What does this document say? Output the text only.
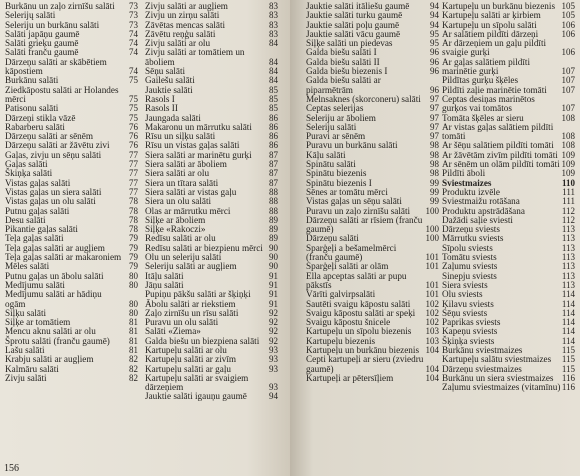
Burkānu un zaļo zirnīšu salāti 73
Selerijų salāti	73
Seleriju un burkānu salāti	73
Salāti japāņu gaumē	74
Salāti grieķu gaumē	74
Salāti franču gaumē	74
Dārzeņu salāti ar skābētiem kāpostiem	74
Burkānu salāti	75
Ziedkāpostu salāti ar Holandes mērci	75
Patisonu salāti	75
Dārzeņi stikla vāzē	75
Rabarberu salāti	76
Dārzeņu salāti ar sēnēm	76
Dārzeņu salāti ar žāvētu zivi 76
Gaļas, zivju un sēņu salāti	77
Gaļas salāti	77
Škiņķa salāti	77
Vistas gaļas salāti	77
Vistas gaļas un siera salāti	77
Vistas gaļas un olu salāti	78
Putnu gaļas salāti	78
Desu salāti	78
Pikantie gaļas salāti	78
Teļa gaļas salāti	79
Teļa gaļas salāti ar augļiem	79
Teļa gaļas salāti ar makaroniem 79
Mēles salāti	79
Putnu gaļas un ābolu salāti	80
Medījumu salāti	80
Medījumu salāti ar hādiņu ogām	80
Siļķu salāti	80
Siļķe ar tomātiem	81
Mencu aknu salāti ar olu	81
Šprotu salāti (franču gaumē) 81
Lašu salāti	81
Krabju salāti ar augļiem	82
Kalmāru salāti	82
Zivju salāti	82
Zivju salāti ar augļiem	83
Zivju un zirņu salāti	83
Zāvētas mencas salāti	83
Zāvētu reņģu salāti	83
Zivju salāti ar olu	84
Zivju salāti ar tomātiem un āboliem	84
Sēņu salāti	84
Gailešu salāti	84
Jauktie salāti	85
Rasols I	85
Rasols II	85
Jaungada salāti	86
Makaronu un mārrutku salāti 86
Rīsu un siļķu salāti	86
Rīsu un vistas gaļas salāti	86
Siera salāti ar marinētu gurķi 87
Siera salāti ar āboliem	87
Siera salāti ar olu	87
Siera un tītara salāti	87
Siera salāti ar vistas gaļu	88
Siera un olu salāti	88
Olas ar mārrutku mērci	88
Siļķe ar āboliem	89
Siļķe «Rakoczi»	89
Redīsu salāti ar olu	89
Redīsu salāti ar biezpienu mērci 90
Olu un seleriju salāti	90
Seleriju salāti ar augļiem	90
Itāļu salāti	91
Jāņu salāti	91
Pupiņu pākšu salāti ar šķiņķi 91
Ābolu salāti ar riekstiem	91
Zaļo zirnīšu un rīsu salāti	92
Puravu un olu salāti	92
Salāti «Ziema»	92
Galda biešu un biezpiena salāti 92
Kartupeļu salāti ar olu	93
Kartupeļu salāti ar zivīm	93
Kartupeļu salāti ar gaļu	93
Kartupeļu salāti ar svaigiem dārzeņiem	93
Jauktie salāti igauņu gaumē 94
156
Jauktie salāti itāliešu gaumē 94
Jauktie salāti turku gaumē	94
Jauktie salāti poļu gaumē	94
Jauktie salāti vācu gaumē	95
Siļķe salāti un piedevas	95
Galda biešu salāti I	96
Galda biešu salāti II	96
Galda biešu biezenis I	96
Galda biešu salāti ar piparmētrām	96
Melnsaknes (skorconeru) salāti 97
Ceptas selerijas	97
Seleriju ar āboliem	97
Seleriju salāti	97
Puravi ar sēnēm	97
Puravu un burkānu salāti	98
Kāļu salāti	98
Spinātu salāti	98
Spinātu biezenis	98
Spinātu biezenis I	99
Sēnes ar tomātu mērci	99
Vistas gaļas un sēņu salāti	99
Puravu un zaļo zirnīšu salāti 100
Dārzeņu salāti ar rīsiem (franču gaumē)	100
Dārzeņu salāti	100
Sparģeļi a bešamelmērci (franču gaumē)	101
Sparģeļi salāti ar olām	101
Ella apceptas salāti ar pupu pākstīs	101
Vārīti galvirpsalāti	101
Sautēti svaigu kāpostu salāti 102
Svaigu kāpostu salāti ar speķi 102
Svaigu kāpostu šnicele	102
Kartupeļu un sīpolu biezenis 103
Kartupeļu biezenis	103
Kartupeļu un burkānu biezenis 104
Cepti kartupeļi ar sieru (zviedru gaumē)	104
Kartupeļi ar pētersīļiem	104
Kartupeļu un burkānu biezenis 105
Kartupeļu salāti ar ķirbiem 105
Kartupeļu un sīpolu salāti	106
Ar salātiem pildīti dārzeņi	106
Ar dārzeņiem un gaļu pildīti svaigie gurķi	106
Ar gaļas salātiem pildīti marinētie gurķi	107
Pildītas gurķu šķēles	107
Pildīti zaļie marinētie tomāti 107
Ceptas desiņas marinētos gurķos vai tomātos	107
Tomāta šķēles ar sieru	108
Ar vistas gaļas salātiem pildīti tomāti	108
Ar šēņu salātiem pildīti tomāti 108
Ar žāvētām zivīm pildīti tomāti 109
Ar sēnēm un olām pildīti tomāti 109
Pildīti āboli	109
Sviestmaizes	110
Produktu izvēle	111
Sviestmaižu rotāšana	111
Produktu apstrādāšana	112
Dažādi saļie sviesti	112
Dārzeņu sviests	113
Mārrutku sviests	113
Sīpolu sviests	113
Tomātu sviests	113
Zaļumu sviests	113
Sinepju sviests	113
Siera sviests	113
Olu sviests	114
Ķilavu sviests	114
Sēņu sviests	114
Paprikas sviests	114
Kapeņu sviests	114
Šķiņķa sviests	114
Burkānu sviestmaizes	115
Kartupeļu salātu sviestmaizes 115
Dārzeņu sviestmaizes	115
Burkānu un siera sviestmaizes 116
Zaļumu sviestmaizes (vitamīnu) 116
